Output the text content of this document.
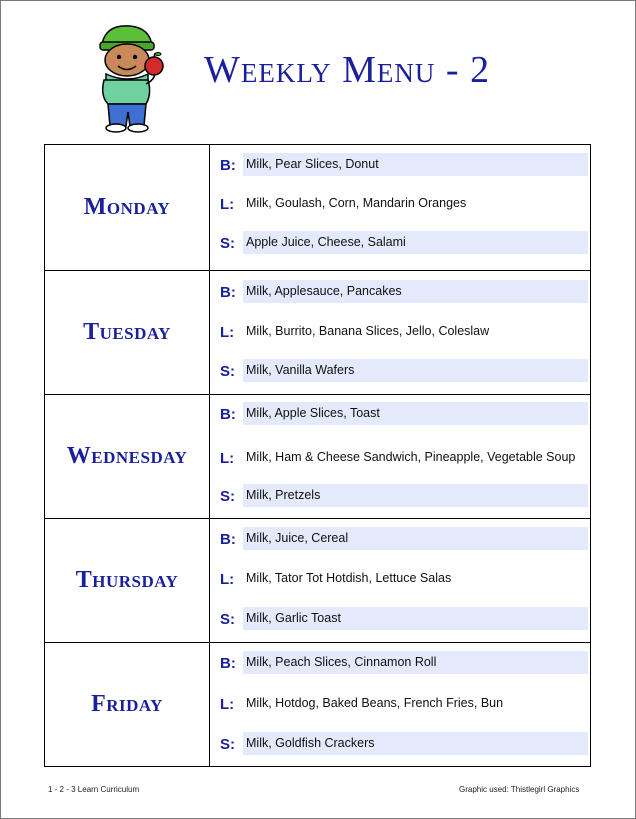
Weekly Menu - 2
Monday
B: Milk, Pear Slices, Donut
L: Milk, Goulash, Corn, Mandarin Oranges
S: Apple Juice, Cheese, Salami
Tuesday
B: Milk, Applesauce, Pancakes
L: Milk, Burrito, Banana Slices, Jello, Coleslaw
S: Milk, Vanilla Wafers
Wednesday
B: Milk, Apple Slices, Toast
L: Milk, Ham & Cheese Sandwich, Pineapple, Vegetable Soup
S: Milk, Pretzels
Thursday
B: Milk, Juice, Cereal
L: Milk, Tator Tot Hotdish, Lettuce Salas
S: Milk, Garlic Toast
Friday
B: Milk, Peach Slices, Cinnamon Roll
L: Milk, Hotdog, Baked Beans, French Fries, Bun
S: Milk, Goldfish Crackers
1 - 2 - 3 Learn Curriculum	Graphic used: Thistlegirl Graphics
